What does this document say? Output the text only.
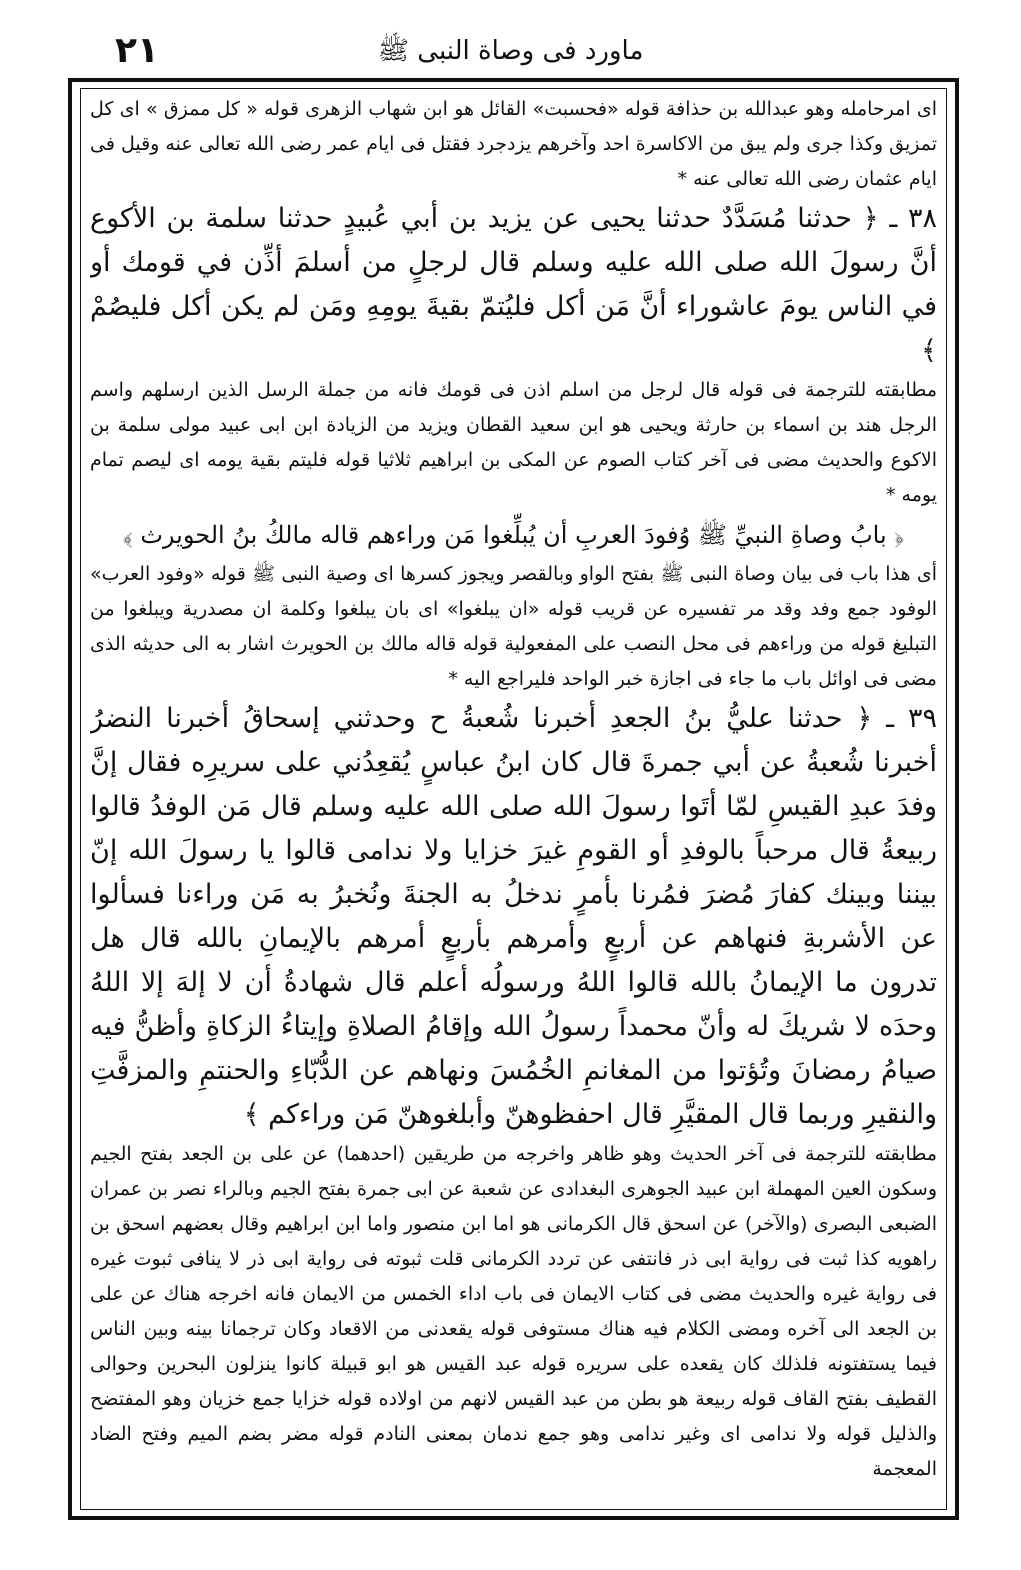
٢١	ماورد فى وصاة النبى ﷺ

اى امرحامله وهو عبدالله بن حذافة قوله «فحسبت» القائل هو ابن شهاب الزهرى قوله « كل ممزق » اى كل تمزيق وكذا جرى ولم يبق من الاكاسرة احد وآخرهم يزدجرد فقتل فى ايام عمر رضى الله تعالى عنه وقيل فى ايام عثمان رضى الله تعالى عنه *

٣٨ ـ ﴿ حدثنا مُسَدَّدٌ حدثنا يحيى عن يزيد بن أبي عُبيدٍ حدثنا سلمة بن الأكوع أنَّ رسولَ الله صلى الله عليه وسلم قال لرجلٍ من أسلمَ أذِّن في قومك أو في الناس يومَ عاشوراء أنَّ مَن أكل فليُتمّ بقيةَ يومِهِ ومَن لم يكن أكل فليصُمْ ﴾

مطابقته للترجمة فى قوله قال لرجل من اسلم اذن فى قومك فانه من جملة الرسل الذين ارسلهم واسم الرجل هند بن اسماء بن حارثة ويحيى هو ابن سعيد القطان ويزيد من الزيادة ابن ابى عبيد مولى سلمة بن الاكوع والحديث مضى فى آخر كتاب الصوم عن المكى بن ابراهيم ثلاثيا قوله فليتم بقية يومه اى ليصم تمام يومه *

﴿ بابُ وصاةِ النبيِّ ﷺ وُفودَ العربِ أن يُبلِّغوا مَن وراءهم قاله مالكُ بنُ الحويرث ﴾

أى هذا باب فى بيان وصاة النبى ﷺ بفتح الواو وبالقصر ويجوز كسرها اى وصية النبى ﷺ قوله «وفود العرب» الوفود جمع وفد وقد مر تفسيره عن قريب قوله «ان يبلغوا» اى بان يبلغوا وكلمة ان مصدرية ويبلغوا من التبليغ قوله من وراءهم فى محل النصب على المفعولية قوله قاله مالك بن الحويرث اشار به الى حديثه الذى مضى فى اوائل باب ما جاء فى اجازة خبر الواحد فليراجع اليه *

٣٩ ـ ﴿ حدثنا عليُّ بنُ الجعدِ أخبرنا شُعبةُ ح وحدثني إسحاقُ أخبرنا النضرُ أخبرنا شُعبةُ عن أبي جمرةَ قال كان ابنُ عباسٍ يُقعِدُني على سريرِه فقال إنَّ وفدَ عبدِ القيسِ لمّا أتَوا رسولَ الله صلى الله عليه وسلم قال مَن الوفدُ قالوا ربيعةُ قال مرحباً بالوفدِ أو القومِ غيرَ خزايا ولا ندامى قالوا يا رسولَ الله إنّ بيننا وبينك كفارَ مُضرَ فمُرنا بأمرٍ ندخلُ به الجنةَ ونُخبرُ به مَن وراءنا فسألوا عن الأشربةِ فنهاهم عن أربعٍ وأمرهم بأربعٍ أمرهم بالإيمانِ بالله قال هل تدرون ما الإيمانُ بالله قالوا اللهُ ورسولُه أعلم قال شهادةُ أن لا إلهَ إلا اللهُ وحدَه لا شريكَ له وأنّ محمداً رسولُ الله وإقامُ الصلاةِ وإيتاءُ الزكاةِ وأظنُّ فيه صيامُ رمضانَ وتُؤتوا من المغانمِ الخُمُسَ ونهاهم عن الدُّبّاءِ والحنتمِ والمزفَّتِ والنقيرِ وربما قال المقيَّرِ قال احفظوهنّ وأبلغوهنّ مَن وراءكم ﴾

مطابقته للترجمة فى آخر الحديث وهو ظاهر واخرجه من طريقين (احدهما) عن على بن الجعد بفتح الجيم وسكون العين المهملة ابن عبيد الجوهرى البغدادى عن شعبة عن ابى جمرة بفتح الجيم وبالراء نصر بن عمران الضبعى البصرى (والآخر) عن اسحق قال الكرمانى هو اما ابن منصور واما ابن ابراهيم وقال بعضهم اسحق بن راهويه كذا ثبت فى رواية ابى ذر فانتفى عن تردد الكرمانى قلت ثبوته فى رواية ابى ذر لا ينافى ثبوت غيره فى رواية غيره والحديث مضى فى كتاب الايمان فى باب اداء الخمس من الايمان فانه اخرجه هناك عن على بن الجعد الى آخره ومضى الكلام فيه هناك مستوفى قوله يقعدنى من الاقعاد وكان ترجمانا بينه وبين الناس فيما يستفتونه فلذلك كان يقعده على سريره قوله عبد القيس هو ابو قبيلة كانوا ينزلون البحرين وحوالى القطيف بفتح القاف قوله ربيعة هو بطن من عبد القيس لانهم من اولاده قوله خزايا جمع خزيان وهو المفتضح والذليل قوله ولا ندامى اى وغير ندامى وهو جمع ندمان بمعنى النادم قوله مضر بضم الميم وفتح الضاد المعجمة
